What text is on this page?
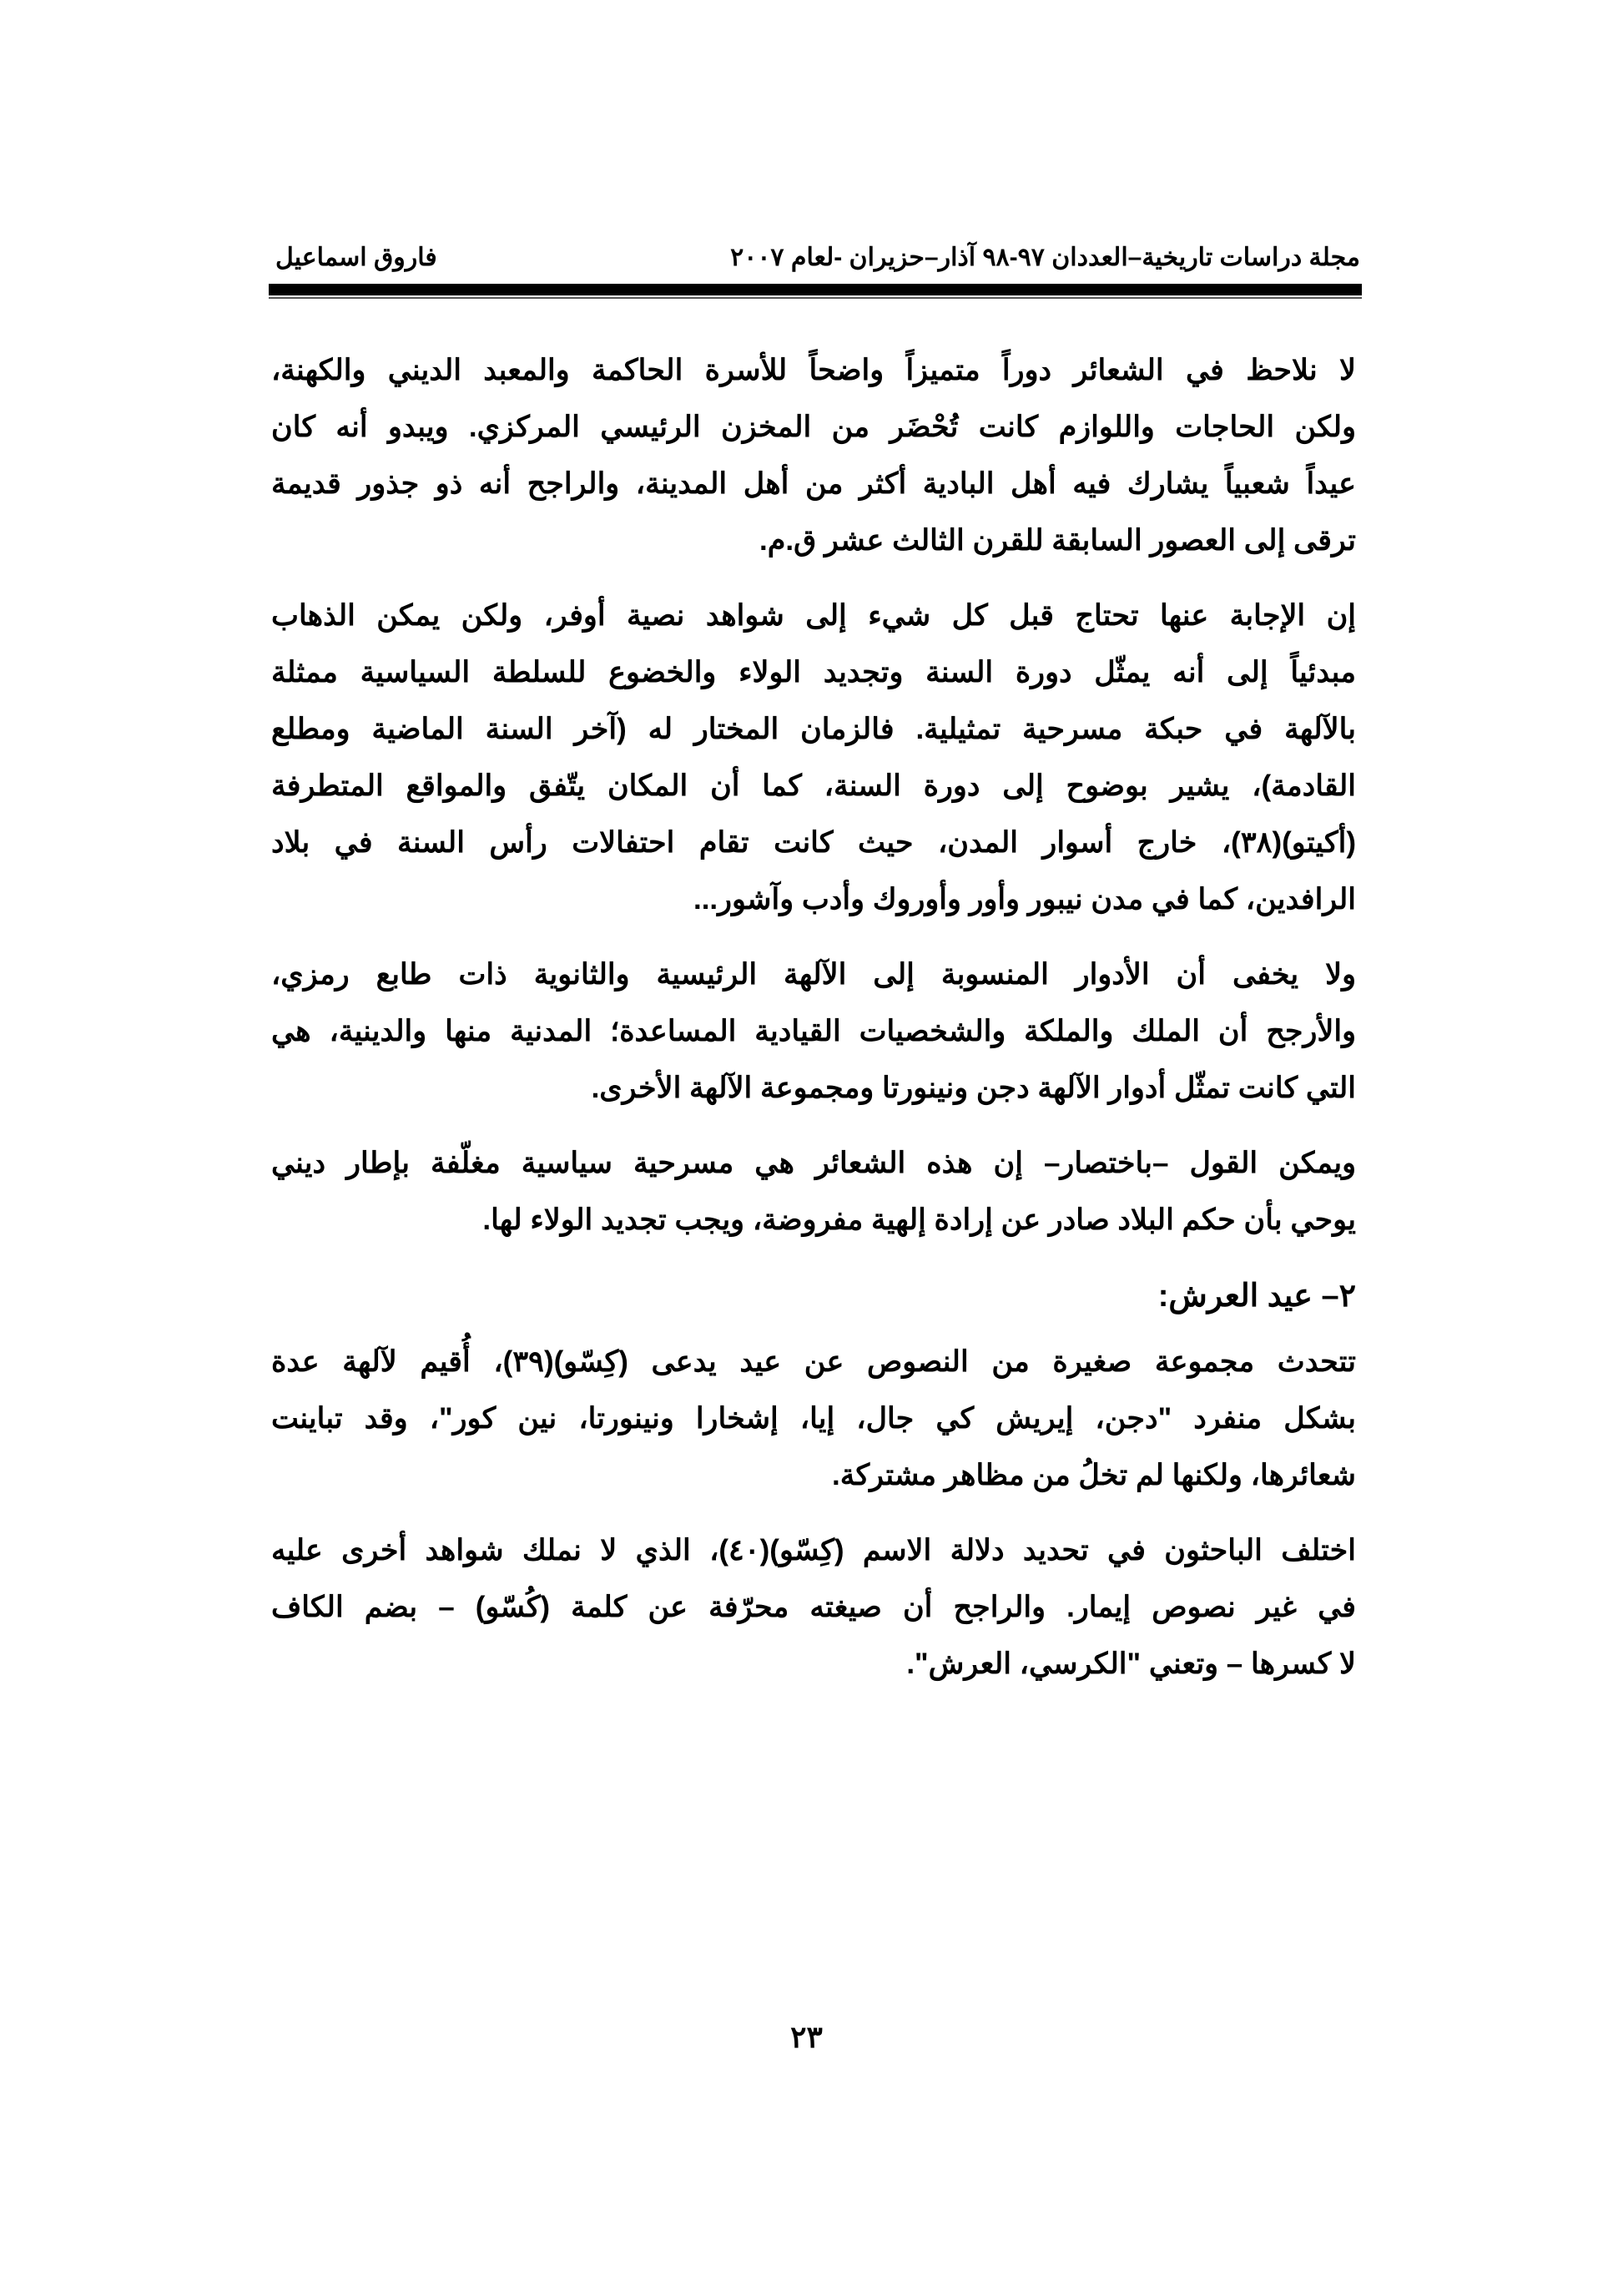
مجلة دراسات تاريخية–العددان ٩٧-٩٨ آذار–حزيران -لعام ٢٠٠٧
فاروق اسماعيل
لا نلاحظ في الشعائر دوراً متميزاً واضحاً للأسرة الحاكمة والمعبد الديني والكهنة،
ولكن الحاجات واللوازم كانت تُحْضَر من المخزن الرئيسي المركزي. ويبدو أنه كان
عيداً شعبياً يشارك فيه أهل البادية أكثر من أهل المدينة، والراجح أنه ذو جذور قديمة
ترقى إلى العصور السابقة للقرن الثالث عشر ق.م.
إن الإجابة عنها تحتاج قبل كل شيء إلى شواهد نصية أوفر، ولكن يمكن الذهاب
مبدئياً إلى أنه يمثّل دورة السنة وتجديد الولاء والخضوع للسلطة السياسية ممثلة
بالآلهة في حبكة مسرحية تمثيلية. فالزمان المختار له (آخر السنة الماضية ومطلع
القادمة)، يشير بوضوح إلى دورة السنة، كما أن المكان يتّفق والمواقع المتطرفة
(أكيتو)(٣٨)، خارج أسوار المدن، حيث كانت تقام احتفالات رأس السنة في بلاد
الرافدين، كما في مدن نيبور وأور وأوروك وأدب وآشور...
ولا يخفى أن الأدوار المنسوبة إلى الآلهة الرئيسية والثانوية ذات طابع رمزي،
والأرجح أن الملك والملكة والشخصيات القيادية المساعدة؛ المدنية منها والدينية، هي
التي كانت تمثّل أدوار الآلهة دجن ونينورتا ومجموعة الآلهة الأخرى.
ويمكن القول –باختصار– إن هذه الشعائر هي مسرحية سياسية مغلّفة بإطار ديني
يوحي بأن حكم البلاد صادر عن إرادة إلهية مفروضة، ويجب تجديد الولاء لها.
٢– عيد العرش:
تتحدث مجموعة صغيرة من النصوص عن عيد يدعى (كِسّو)(٣٩)، أُقيم لآلهة عدة
بشكل منفرد "دجن، إيريش كي جال، إيا، إشخارا ونينورتا، نين كور"، وقد تباينت
شعائرها، ولكنها لم تخلُ من مظاهر مشتركة.
اختلف الباحثون في تحديد دلالة الاسم (كِسّو)(٤٠)، الذي لا نملك شواهد أخرى عليه
في غير نصوص إيمار. والراجح أن صيغته محرّفة عن كلمة (كُسّو) – بضم الكاف
لا كسرها – وتعني "الكرسي، العرش".
٢٣
